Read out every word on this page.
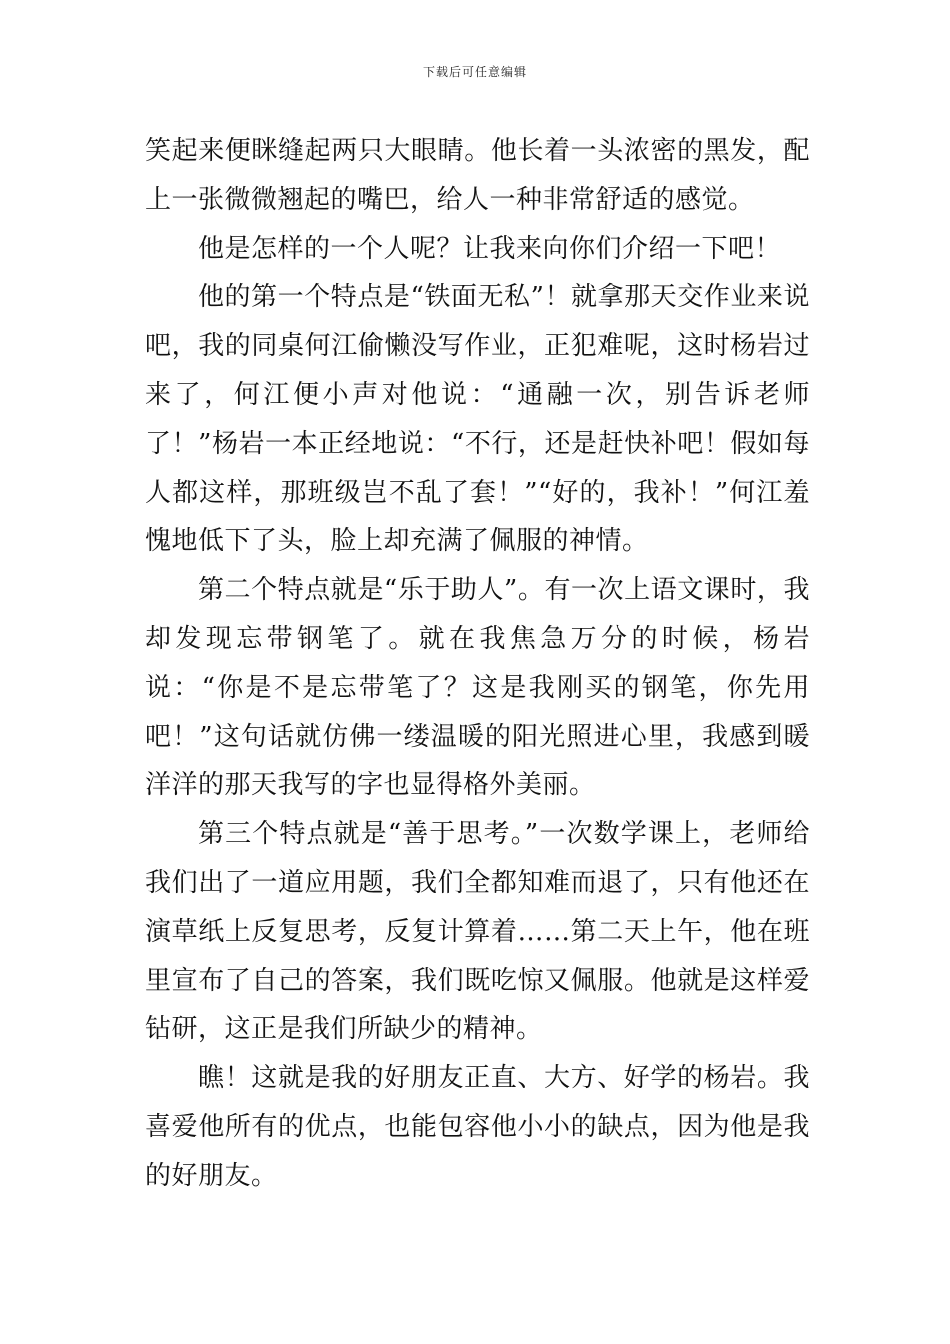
下载后可任意编辑

笑起来便眯缝起两只大眼睛。他长着一头浓密的黑发，配上一张微微翘起的嘴巴，给人一种非常舒适的感觉。

他是怎样的一个人呢？让我来向你们介绍一下吧！

他的第一个特点是“铁面无私”！就拿那天交作业来说吧，我的同桌何江偷懒没写作业，正犯难呢，这时杨岩过来了，何江便小声对他说：“通融一次，别告诉老师了！”杨岩一本正经地说：“不行，还是赶快补吧！假如每人都这样，那班级岂不乱了套！”“好的，我补！”何江羞愧地低下了头，脸上却充满了佩服的神情。

第二个特点就是“乐于助人”。有一次上语文课时，我却发现忘带钢笔了。就在我焦急万分的时候，杨岩说：“你是不是忘带笔了？这是我刚买的钢笔，你先用吧！”这句话就仿佛一缕温暖的阳光照进心里，我感到暖洋洋的那天我写的字也显得格外美丽。

第三个特点就是“善于思考。”一次数学课上，老师给我们出了一道应用题，我们全都知难而退了，只有他还在演草纸上反复思考，反复计算着……第二天上午，他在班里宣布了自己的答案，我们既吃惊又佩服。他就是这样爱钻研，这正是我们所缺少的精神。

瞧！这就是我的好朋友正直、大方、好学的杨岩。我喜爱他所有的优点，也能包容他小小的缺点，因为他是我的好朋友。
